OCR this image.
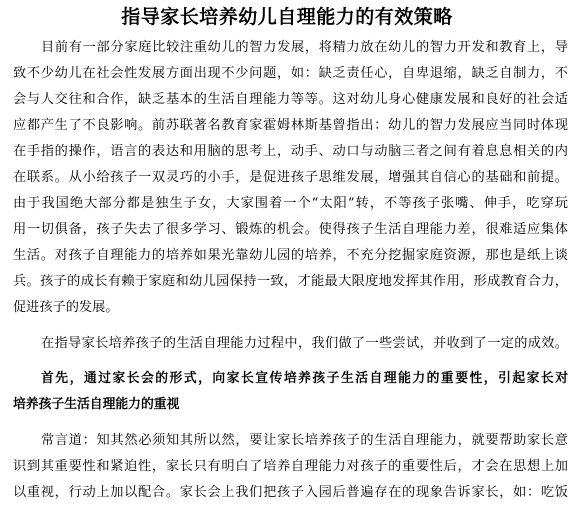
指导家长培养幼儿自理能力的有效策略
目前有一部分家庭比较注重幼儿的智力发展，将精力放在幼儿的智力开发和教育上，导
致不少幼儿在社会性发展方面出现不少问题，如：缺乏责任心，自卑退缩，缺乏自制力，不
会与人交往和合作，缺乏基本的生活自理能力等等。这对幼儿身心健康发展和良好的社会适
应都产生了不良影响。前苏联著名教育家霍姆林斯基曾指出：幼儿的智力发展应当同时体现
在手指的操作，语言的表达和用脑的思考上，动手、动口与动脑三者之间有着息息相关的内
在联系。从小给孩子一双灵巧的小手，是促进孩子思维发展，增强其自信心的基础和前提。
由于我国绝大部分都是独生子女，大家围着一个“太阳”转，不等孩子张嘴、伸手，吃穿玩
用一切俱备，孩子失去了很多学习、锻炼的机会。使得孩子生活自理能力差，很难适应集体
生活。对孩子自理能力的培养如果光靠幼儿园的培养，不充分挖掘家庭资源，那也是纸上谈
兵。孩子的成长有赖于家庭和幼儿园保持一致，才能最大限度地发挥其作用，形成教育合力，
促进孩子的发展。
在指导家长培养孩子的生活自理能力过程中，我们做了一些尝试，并收到了一定的成效。
首先，通过家长会的形式，向家长宣传培养孩子生活自理能力的重要性，引起家长对
培养孩子生活自理能力的重视
常言道：知其然必须知其所以然，要让家长培养孩子的生活自理能力，就要帮助家长意
识到其重要性和紧迫性，家长只有明白了培养自理能力对孩子的重要性后，才会在思想上加
以重视，行动上加以配合。家长会上我们把孩子入园后普遍存在的现象告诉家长，如：吃饭
